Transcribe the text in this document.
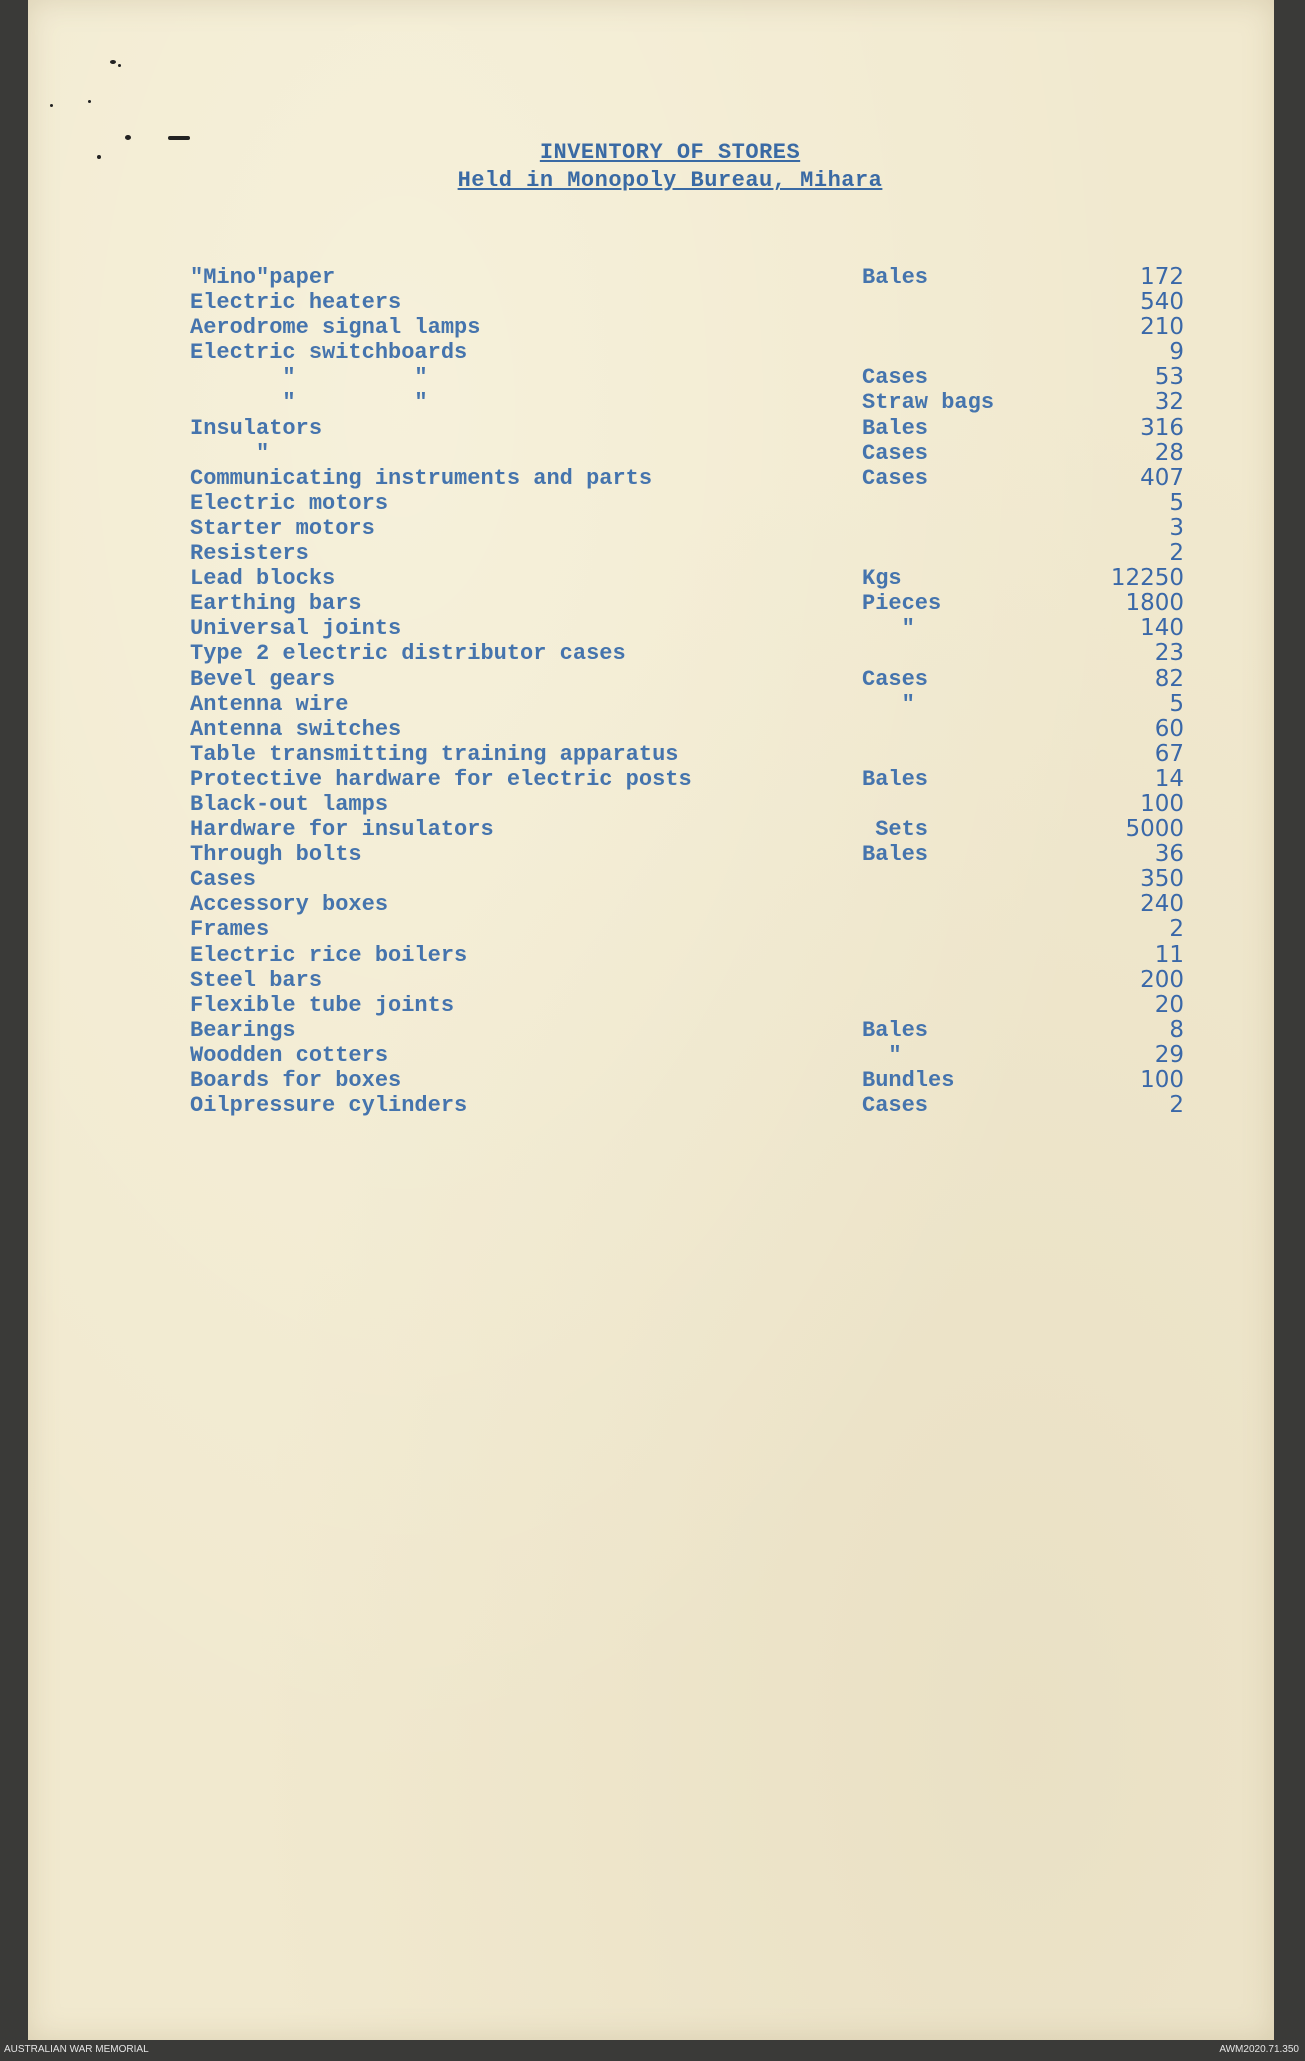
INVENTORY OF STORES
Held in Monopoly Bureau, Mihara
"Mino"paper	Bales	172
Electric heaters	540
Aerodrome signal lamps	210
Electric switchboards	9
"         "	Cases	53
"         "	Straw bags	32
Insulators	Bales	316
"	Cases	28
Communicating instruments and parts	Cases	407
Electric motors	5
Starter motors	3
Resisters	2
Lead blocks	Kgs	12250
Earthing bars	Pieces	1800
Universal joints	"	140
Type 2 electric distributor cases	23
Bevel gears	Cases	82
Antenna wire	"	5
Antenna switches	60
Table transmitting training apparatus	67
Protective hardware for electric posts	Bales	14
Black-out lamps	100
Hardware for insulators	Sets	5000
Through bolts	Bales	36
Cases	350
Accessory boxes	240
Frames	2
Electric rice boilers	11
Steel bars	200
Flexible tube joints	20
Bearings	Bales	8
Woodden cotters	"	29
Boards for boxes	Bundles	100
Oilpressure cylinders	Cases	2
AUSTRALIAN WAR MEMORIAL	AWM2020.71.350
